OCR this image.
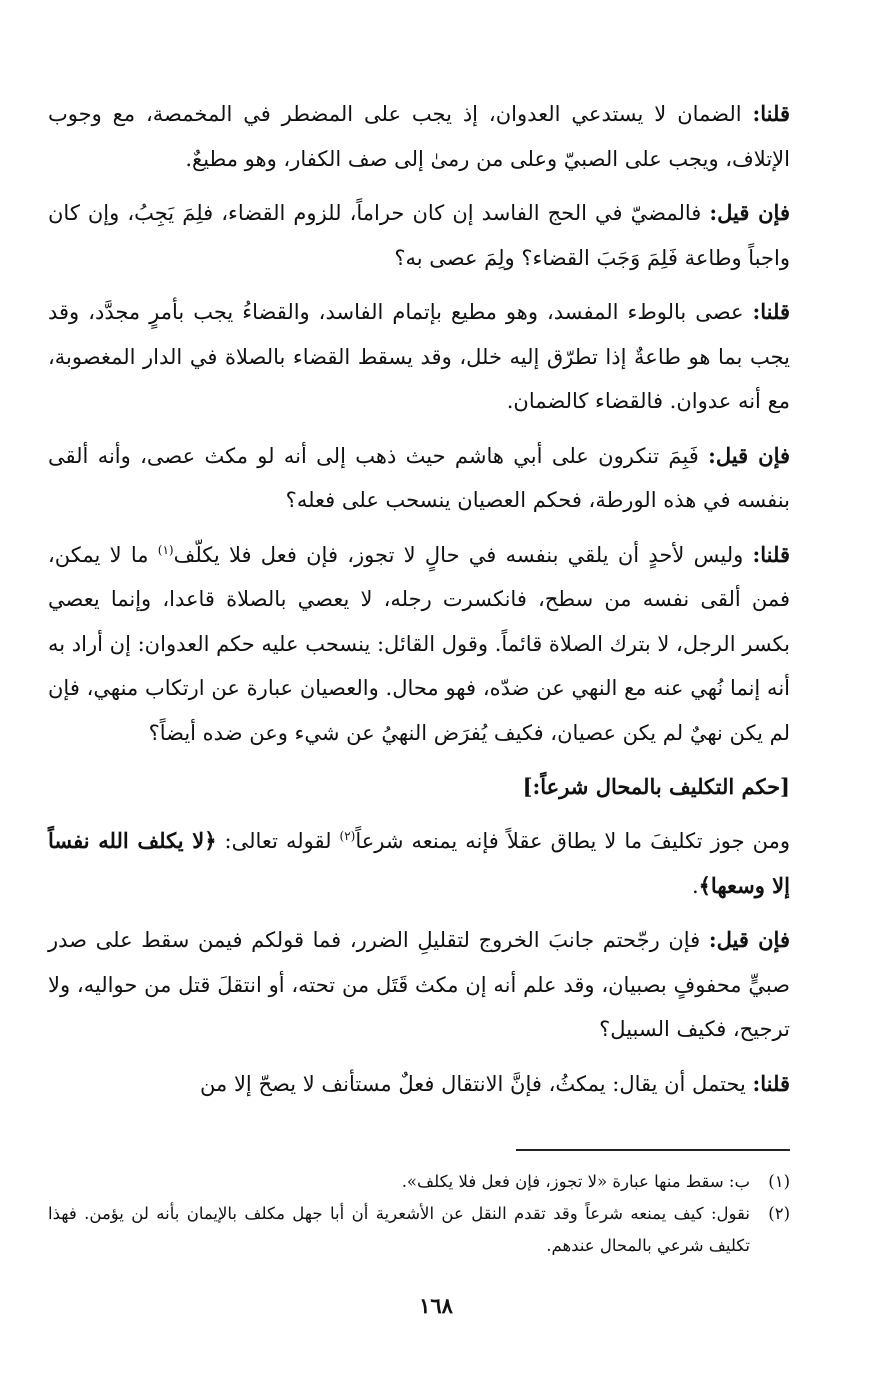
قلنا: الضمان لا يستدعي العدوان، إذ يجب على المضطر في المخمصة، مع وجوب الإتلاف، ويجب على الصبيّ وعلى من رمىٰ إلى صف الكفار، وهو مطيعٌ.

فإن قيل: فالمضيّ في الحج الفاسد إن كان حراماً، للزوم القضاء، فلِمَ يَجِبُ، وإن كان واجباً وطاعة فَلِمَ وَجَبَ القضاء؟ ولِمَ عصى به؟

قلنا: عصى بالوطء المفسد، وهو مطيع بإتمام الفاسد، والقضاءُ يجب بأمرٍ مجدَّد، وقد يجب بما هو طاعةٌ إذا تطرّق إليه خلل، وقد يسقط القضاء بالصلاة في الدار المغصوبة، مع أنه عدوان. فالقضاء كالضمان.

فإن قيل: فَبِمَ تنكرون على أبي هاشم حيث ذهب إلى أنه لو مكث عصى، وأنه ألقى بنفسه في هذه الورطة، فحكم العصيان ينسحب على فعله؟

قلنا: وليس لأحدٍ أن يلقي بنفسه في حالٍ لا تجوز، فإن فعل فلا يكلّف$^{(١)}$ ما لا يمكن، فمن ألقى نفسه من سطح، فانكسرت رجله، لا يعصي بالصلاة قاعدا، وإنما يعصي بكسر الرجل، لا بترك الصلاة قائماً. وقول القائل: ينسحب عليه حكم العدوان: إن أراد به أنه إنما نُهي عنه مع النهي عن ضدّه، فهو محال. والعصيان عبارة عن ارتكاب منهي، فإن لم يكن نهيٌ لم يكن عصيان، فكيف يُفرَض النهيُ عن شيء وعن ضده أيضاً؟

[حكم التكليف بالمحال شرعاً:]

ومن جوز تكليفَ ما لا يطاق عقلاً فإنه يمنعه شرعاً$^{(٢)}$ لقوله تعالى: ﴿لا يكلف الله نفساً إلا وسعها﴾.

فإن قيل: فإن رجّحتم جانبَ الخروج لتقليلِ الضرر، فما قولكم فيمن سقط على صدر صبيٍّ محفوفٍ بصبيان، وقد علم أنه إن مكث قَتَل من تحته، أو انتقلَ قتل من حواليه، ولا ترجيح، فكيف السبيل؟

قلنا: يحتمل أن يقال: يمكثُ، فإنَّ الانتقال فعلٌ مستأنف لا يصحّ إلا من

(١)
ب: سقط منها عبارة «لا تجوز، فإن فعل فلا يكلف».

(٢)
نقول: كيف يمنعه شرعاً وقد تقدم النقل عن الأشعرية أن أبا جهل مكلف بالإيمان بأنه لن يؤمن. فهذا تكليف شرعي بالمحال عندهم.

١٦٨
